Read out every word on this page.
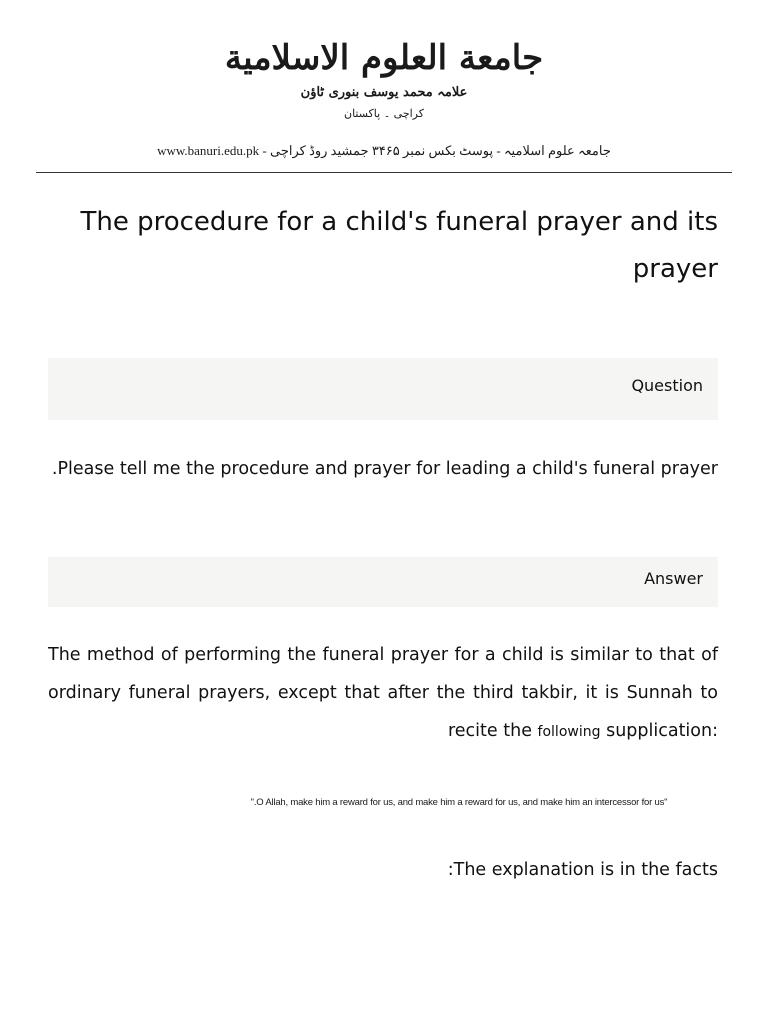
جامعة العلوم الاسلامية
علامہ محمد یوسف بنوری ٹاؤن
کراچی ۔ پاکستان
www.banuri.edu.pk جامعہ علوم اسلامیہ - پوسٹ بکس نمبر ۳۴۶۵ جمشید روڈ کراچی -
The procedure for a child's funeral prayer and its prayer
Question
Please tell me the procedure and prayer for leading a child's funeral prayer.
Answer
The method of performing the funeral prayer for a child is similar to that of ordinary funeral prayers, except that after the third takbir, it is Sunnah to recite the following supplication:
".O Allah, make him a reward for us, and make him a reward for us, and make him an intercessor for us"
:The explanation is in the facts
